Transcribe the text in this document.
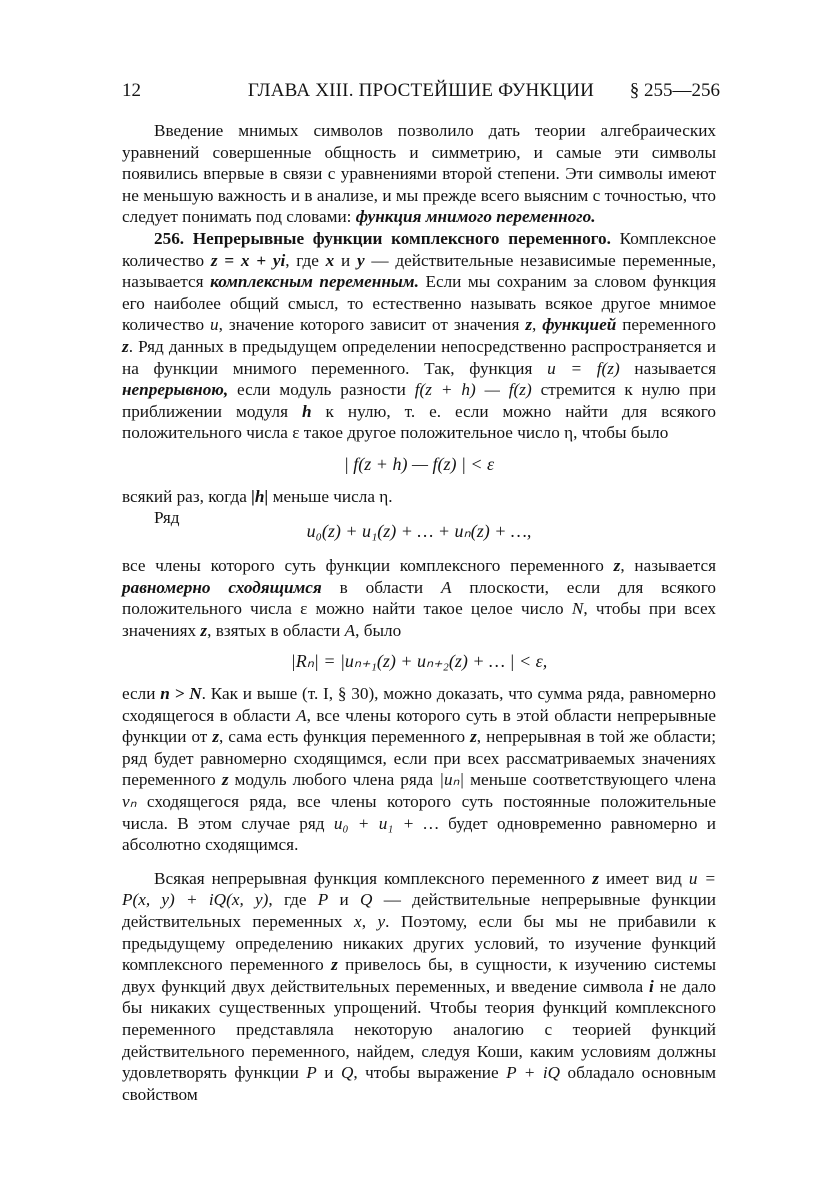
12	ГЛАВА XIII. ПРОСТЕЙШИЕ ФУНКЦИИ	§ 255—256

Введение мнимых символов позволило дать теории алгебраических уравнений совершенные общность и симметрию, и самые эти символы появились впервые в связи с уравнениями второй степени. Эти символы имеют не меньшую важность и в анализе, и мы прежде всего выясним с точностью, что следует понимать под словами: функция мнимого переменного.

256. Непрерывные функции комплексного переменного. Комплексное количество z = x + yi, где x и y — действительные независимые переменные, называется комплексным переменным. Если мы сохраним за словом функция его наиболее общий смысл, то естественно называть всякое другое мнимое количество u, значение которого зависит от значения z, функцией переменного z. Ряд данных в предыдущем определении непосредственно распространяется и на функции мнимого переменного. Так, функция u = f(z) называется непрерывною, если модуль разности f(z + h) — f(z) стремится к нулю при приближении модуля h к нулю, т. е. если можно найти для всякого положительного числа ε такое другое положительное число η, чтобы было

| f(z + h) — f(z) | < ε

всякий раз, когда |h| меньше числа η.

Ряд
u₀(z) + u₁(z) + … + uₙ(z) + …,

все члены которого суть функции комплексного переменного z, называется равномерно сходящимся в области A плоскости, если для всякого положительного числа ε можно найти такое целое число N, чтобы при всех значениях z, взятых в области A, было

|Rₙ| = |uₙ₊₁(z) + uₙ₊₂(z) + … | < ε,

если n > N. Как и выше (т. I, § 30), можно доказать, что сумма ряда, равномерно сходящегося в области A, все члены которого суть в этой области непрерывные функции от z, сама есть функция переменного z, непрерывная в той же области; ряд будет равномерно сходящимся, если при всех рассматриваемых значениях переменного z модуль любого члена ряда |uₙ| меньше соответствующего члена vₙ сходящегося ряда, все члены которого суть постоянные положительные числа. В этом случае ряд u₀ + u₁ + … будет одновременно равномерно и абсолютно сходящимся.

Всякая непрерывная функция комплексного переменного z имеет вид u = P(x, y) + iQ(x, y), где P и Q — действительные непрерывные функции действительных переменных x, y. Поэтому, если бы мы не прибавили к предыдущему определению никаких других условий, то изучение функций комплексного переменного z привелось бы, в сущности, к изучению системы двух функций двух действительных переменных, и введение символа i не дало бы никаких существенных упрощений. Чтобы теория функций комплексного переменного представляла некоторую аналогию с теорией функций действительного переменного, найдем, следуя Коши, каким условиям должны удовлетворять функции P и Q, чтобы выражение P + iQ обладало основным свойством
